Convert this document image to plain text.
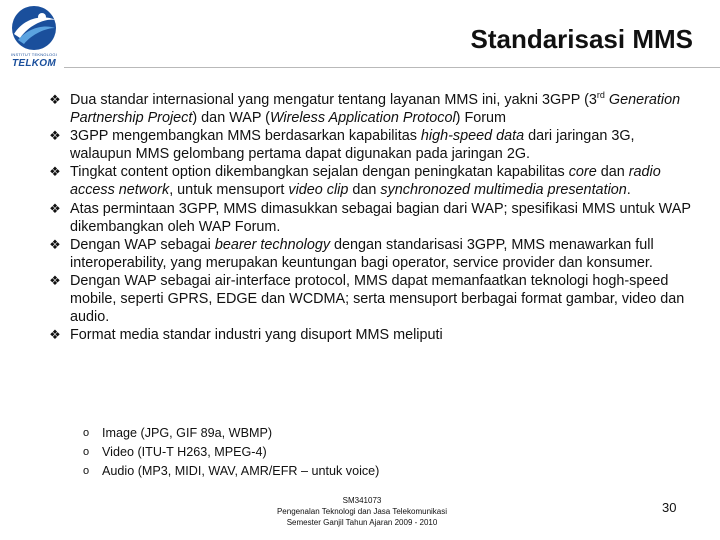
INSTITUT TEKNOLOGI
TELKOM
Standarisasi MMS
❖ Dua standar internasional yang mengatur tentang layanan MMS ini, yakni 3GPP (3rd Generation Partnership Project) dan WAP (Wireless Application Protocol) Forum
❖ 3GPP mengembangkan MMS berdasarkan kapabilitas high-speed data dari jaringan 3G, walaupun MMS gelombang pertama dapat digunakan pada jaringan 2G.
❖ Tingkat content option dikembangkan sejalan dengan peningkatan kapabilitas core dan radio access network, untuk mensuport video clip dan synchronozed multimedia presentation.
❖ Atas permintaan 3GPP, MMS dimasukkan sebagai bagian dari WAP; spesifikasi MMS untuk WAP dikembangkan oleh WAP Forum.
❖ Dengan WAP sebagai bearer technology dengan standarisasi 3GPP, MMS menawarkan full interoperability, yang merupakan keuntungan bagi operator, service provider dan konsumer.
❖ Dengan WAP sebagai air-interface protocol, MMS dapat memanfaatkan teknologi hogh-speed mobile, seperti GPRS, EDGE dan WCDMA; serta mensuport berbagai format gambar, video dan audio.
❖ Format media standar industri yang disuport MMS meliputi
o Image (JPG, GIF 89a, WBMP)
o Video (ITU-T H263, MPEG-4)
o Audio (MP3, MIDI, WAV, AMR/EFR – untuk voice)
SM341073
Pengenalan Teknologi dan Jasa Telekomunikasi
Semester Ganjil Tahun Ajaran 2009 - 2010
30
